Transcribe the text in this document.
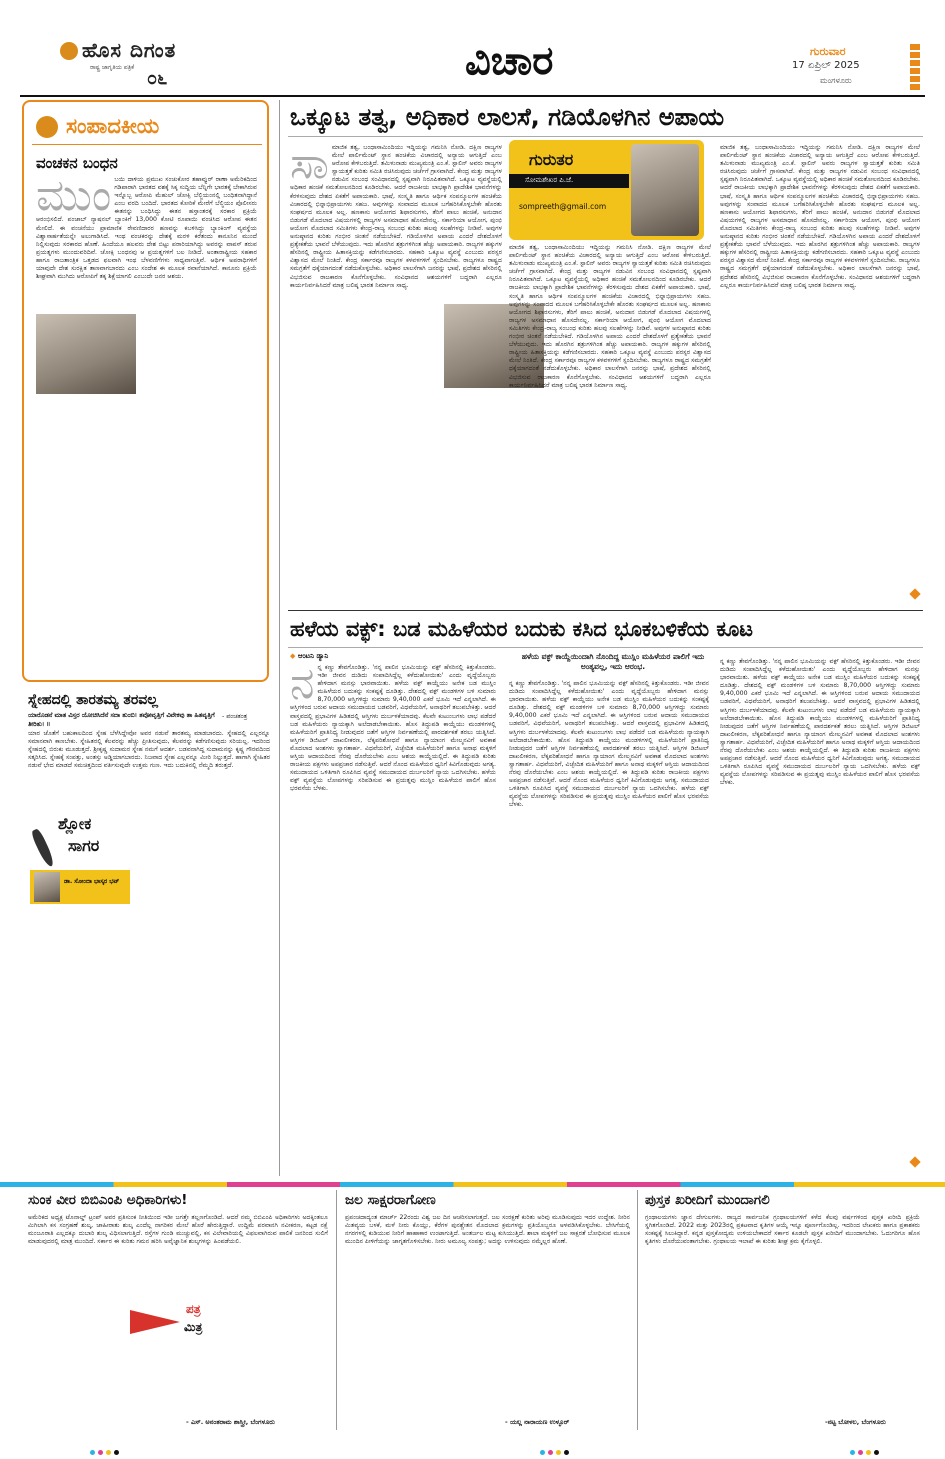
ಹೊಸ ದಿಗಂತ
ರಾಷ್ಟ್ರ ಜಾಗೃತಿಯ ಪತ್ರಿಕೆ
೦೬	ವಿಚಾರ	ಗುರುವಾರ
17 ಏಪ್ರಿಲ್ 2025
ಮಂಗಳೂರು
ಸಂಪಾದಕೀಯ
ವಂಚಕನ ಬಂಧನ
ಮುಂ ಬಯಿ ದಾಳಿಯ ಪ್ರಮುಖ ಸಂಚುಕೋರ ತಹಾವ್ವುರ್ ರಾಣಾ ಅಮೆರಿಕದಿಂದ ಗಡಿಪಾರಾಗಿ ಭಾರತದ ವಶಕ್ಕೆ ಸಿಕ್ಕ ಸುದ್ದಿಯ ಬೆನ್ನಿಗೇ ಭಾರತಕ್ಕೆ ಬೇಕಾಗಿರುವ ಇನ್ನೊಬ್ಬ ಆರೋಪಿ ಮೆಹುಲ್ ಚೋಕ್ಸಿ ಬೆಲ್ಜಿಯಂನಲ್ಲಿ ಬಂಧಿತನಾಗಿದ್ದಾನೆ ಎಂಬ ವರದಿ ಬಂದಿದೆ. ಭಾರತದ ಕೋರಿಕೆ ಮೇರೆಗೆ ಬೆಲ್ಜಿಯಂ ಪೊಲೀಸರು ಈತನನ್ನು ಬಂಧಿಸಿದ್ದು ಈತನ ಹಸ್ತಾಂತರಕ್ಕೆ ಸರಕಾರ ಪ್ರಕ್ರಿಯೆ ಆರಂಭಿಸಲಿದೆ. ಪಂಜಾಬ್ ನ್ಯಾಷನಲ್ ಬ್ಯಾಂಕಿಗೆ 13,000 ಕೋಟಿ ರೂಪಾಯಿ ವಂಚಿಸಿದ ಆರೋಪ ಈತನ ಮೇಲಿದೆ. ಈ ವಂಚನೆಯು ಪ್ರಾಮಾಣಿಕ ಠೇವಣಿದಾರರ ಹಣವನ್ನು ಕಬಳಿಸಿದ್ದು ಬ್ಯಾಂಕಿಂಗ್ ವ್ಯವಸ್ಥೆಯ ವಿಶ್ವಾಸಾರ್ಹತೆಯನ್ನೇ ಅಲುಗಾಡಿಸಿದೆ. ಇಂಥ ವಂಚಕರನ್ನು ದೇಶಕ್ಕೆ ಮರಳಿ ಕರೆತಂದು ಕಾನೂನಿನ ಮುಂದೆ ನಿಲ್ಲಿಸುವುದು ಸರಕಾರದ ಹೊಣೆ. ಹಿಂದೆಯೂ ಹಲವರು ದೇಶ ಬಿಟ್ಟು ಪರಾರಿಯಾಗಿದ್ದು ಅವರನ್ನು ವಾಪಸ್ ತರುವ ಪ್ರಯತ್ನಗಳು ಮುಂದುವರಿದಿವೆ. ಚೋಕ್ಸಿ ಬಂಧನವು ಆ ಪ್ರಯತ್ನಗಳಿಗೆ ಬಲ ನೀಡಿದೆ. ಅಂತಾರಾಷ್ಟ್ರೀಯ ಸಹಕಾರ ಹಾಗೂ ರಾಜತಾಂತ್ರಿಕ ಒತ್ತಡದ ಫಲವಾಗಿ ಇಂಥ ಬೆಳವಣಿಗೆಗಳು ಸಾಧ್ಯವಾಗುತ್ತಿವೆ. ಆರ್ಥಿಕ ಅಪರಾಧಿಗಳಿಗೆ ಯಾವುದೇ ದೇಶ ಸುರಕ್ಷಿತ ತಾಣವಾಗಬಾರದು ಎಂಬ ಸಂದೇಶ ಈ ಮೂಲಕ ರವಾನೆಯಾಗಿದೆ. ಕಾನೂನು ಪ್ರಕ್ರಿಯೆ ಶೀಘ್ರವಾಗಿ ಮುಗಿದು ಆರೋಪಿಗೆ ತಕ್ಕ ಶಿಕ್ಷೆಯಾಗಲಿ ಎಂಬುದೇ ಜನರ ಆಶಯ.
ಸ್ನೇಹದಲ್ಲಿ ತಾರತಮ್ಯ ತರವಲ್ಲ
ಯಾರೊಡನೆ ಮಾತ ವಿಸ್ತರ ಯೋಚಿಸಿದೆನೆ ಸದಾ ತುಂಬಿ। ತವೋವೃತ್ತಿಗೆ ವಿವೇಕವು ತಾ ಹಿತವೃತ್ತಿಗೆ ತೀರಿತು। ॥
- ಪಂಚತಂತ್ರ
ಶ್ಲೋಕ
ಸಾಗರ
ಡಾ. ಸೋಂದಾ ಭಾಸ್ಕರ ಭಟ್
ಯಾರ ಜೊತೆಗೆ ಬಹುಕಾಲದಿಂದ ಸ್ನೇಹ ಬೆಳೆಸಿದ್ದೇವೋ ಅವರ ನಡುವೆ ತಾರತಮ್ಯ ಮಾಡಬಾರದು. ಸ್ನೇಹದಲ್ಲಿ ಎಲ್ಲರನ್ನೂ ಸಮಾನವಾಗಿ ಕಾಣಬೇಕು. ಸ್ನೇಹಿತರಲ್ಲಿ ಕೆಲವರನ್ನು ಹೆಚ್ಚು ಪ್ರೀತಿಸುವುದು, ಕೆಲವರನ್ನು ಕಡೆಗಣಿಸುವುದು ಸರಿಯಲ್ಲ. ಇದರಿಂದ ಸ್ನೇಹದಲ್ಲಿ ಬಿರುಕು ಮೂಡುತ್ತದೆ. ಶ್ರೀಕೃಷ್ಣ ಸುದಾಮರ ಸ್ನೇಹ ನಮಗೆ ಆದರ್ಶ. ಬಡವನಾಗಿದ್ದ ಸುದಾಮನನ್ನು ಕೃಷ್ಣ ಗೌರವದಿಂದ ಸತ್ಕರಿಸಿದ. ಸ್ನೇಹಕ್ಕೆ ಸಂಪತ್ತು, ಅಂತಸ್ತು ಅಡ್ಡಿಯಾಗಬಾರದು. ನಿಜವಾದ ಸ್ನೇಹ ಎಲ್ಲವನ್ನೂ ಮೀರಿ ನಿಲ್ಲುತ್ತದೆ. ಹಾಗಾಗಿ ಸ್ನೇಹಿತರ ನಡುವೆ ಭೇದ ಮಾಡದೆ ಸಮಚಿತ್ತದಿಂದ ವರ್ತಿಸುವುದೇ ಉತ್ತಮ ಗುಣ. ಇದು ಬದುಕಿನಲ್ಲಿ ನೆಮ್ಮದಿ ತರುತ್ತದೆ.
ಒಕ್ಕೂಟ ತತ್ವ, ಅಧಿಕಾರ ಲಾಲಸೆ, ಗಡಿಯೊಳಗಿನ ಅಪಾಯ
ಗುರುತರ
ಸೋಮಶೇಖರ ಪಿ.ಜೆ.
sompreeth@gmail.com
ಸಾ ಮಾಜಿಕ ತತ್ವ, ಬಂಧಾಸಾಮಿಂದಿಯು ಇದ್ದಿಯನ್ನು ಗಮನಿಸಿ ನೋಡಿ. ದಕ್ಷಿಣ ರಾಜ್ಯಗಳ ಮೇಲೆ ಪಾರ್ಲಿಮೆಂಟ್ ಸ್ಥಾನ ಹಂಚಿಕೆಯ ವಿಚಾರದಲ್ಲಿ ಅನ್ಯಾಯ ಆಗುತ್ತಿದೆ ಎಂಬ ಆರೋಪ ಕೇಳಿಬರುತ್ತಿದೆ. ತಮಿಳುನಾಡು ಮುಖ್ಯಮಂತ್ರಿ ಎಂ.ಕೆ. ಸ್ಟಾಲಿನ್ ಅವರು ರಾಜ್ಯಗಳ ಸ್ವಾಯತ್ತತೆ ಕುರಿತು ಸಮಿತಿ ರಚಿಸಿರುವುದು ಚರ್ಚೆಗೆ ಗ್ರಾಸವಾಗಿದೆ. ಕೇಂದ್ರ ಮತ್ತು ರಾಜ್ಯಗಳ ನಡುವಿನ ಸಂಬಂಧ ಸಂವಿಧಾನದಲ್ಲಿ ಸ್ಪಷ್ಟವಾಗಿ ನಿರೂಪಿತವಾಗಿದೆ. ಒಕ್ಕೂಟ ವ್ಯವಸ್ಥೆಯಲ್ಲಿ ಅಧಿಕಾರ ಹಂಚಿಕೆ ಸಮತೋಲನದಿಂದ ಕೂಡಿರಬೇಕು. ಆದರೆ ರಾಜಕೀಯ ಲಾಭಕ್ಕಾಗಿ ಪ್ರಾದೇಶಿಕ ಭಾವನೆಗಳನ್ನು ಕೆರಳಿಸುವುದು ದೇಶದ ಏಕತೆಗೆ ಅಪಾಯಕಾರಿ. ಭಾಷೆ, ಸಂಸ್ಕೃತಿ ಹಾಗೂ ಆರ್ಥಿಕ ಸಂಪನ್ಮೂಲಗಳ ಹಂಚಿಕೆಯ ವಿಚಾರದಲ್ಲಿ ಭಿನ್ನಾಭಿಪ್ರಾಯಗಳು ಸಹಜ. ಅವುಗಳನ್ನು ಸಂವಾದದ ಮೂಲಕ ಬಗೆಹರಿಸಿಕೊಳ್ಳಬೇಕೇ ಹೊರತು ಸಂಘರ್ಷದ ಮೂಲಕ ಅಲ್ಲ. ಹಣಕಾಸು ಆಯೋಗದ ಶಿಫಾರಸುಗಳು, ತೆರಿಗೆ ಪಾಲು ಹಂಚಿಕೆ, ಅನುದಾನ ಬಿಡುಗಡೆ ಮೊದಲಾದ ವಿಷಯಗಳಲ್ಲಿ ರಾಜ್ಯಗಳ ಅಸಮಾಧಾನ ಹೊಸದೇನಲ್ಲ. ಸರ್ಕಾರಿಯಾ ಆಯೋಗ, ಪುಂಛಿ ಆಯೋಗ ಮೊದಲಾದ ಸಮಿತಿಗಳು ಕೇಂದ್ರ-ರಾಜ್ಯ ಸಂಬಂಧ ಕುರಿತು ಹಲವು ಸಲಹೆಗಳನ್ನು ನೀಡಿವೆ. ಅವುಗಳ ಅನುಷ್ಠಾನದ ಕುರಿತು ಗಂಭೀರ ಚಿಂತನೆ ನಡೆಯಬೇಕಿದೆ. ಗಡಿಯೊಳಗಿನ ಅಪಾಯ ಎಂದರೆ ದೇಶದೊಳಗೆ ಪ್ರತ್ಯೇಕತೆಯ ಭಾವನೆ ಬೆಳೆಯುವುದು. ಇದು ಹೊರಗಿನ ಶತ್ರುಗಳಿಗಿಂತ ಹೆಚ್ಚು ಅಪಾಯಕಾರಿ. ರಾಜ್ಯಗಳ ಹಕ್ಕುಗಳ ಹೆಸರಿನಲ್ಲಿ ರಾಷ್ಟ್ರೀಯ ಹಿತಾಸಕ್ತಿಯನ್ನು ಕಡೆಗಣಿಸಬಾರದು. ಸಹಕಾರಿ ಒಕ್ಕೂಟ ವ್ಯವಸ್ಥೆ ಎಂಬುದು ಪರಸ್ಪರ ವಿಶ್ವಾಸದ ಮೇಲೆ ನಿಂತಿದೆ. ಕೇಂದ್ರ ಸರ್ಕಾರವೂ ರಾಜ್ಯಗಳ ಕಳವಳಗಳಿಗೆ ಸ್ಪಂದಿಸಬೇಕು. ರಾಜ್ಯಗಳೂ ರಾಷ್ಟ್ರದ ಸಮಗ್ರತೆಗೆ ಧಕ್ಕೆಯಾಗದಂತೆ ನಡೆದುಕೊಳ್ಳಬೇಕು. ಅಧಿಕಾರ ಲಾಲಸೆಗಾಗಿ ಜನರನ್ನು ಭಾಷೆ, ಪ್ರದೇಶದ ಹೆಸರಿನಲ್ಲಿ ವಿಭಜಿಸುವ ರಾಜಕಾರಣ ಕೊನೆಗೊಳ್ಳಬೇಕು. ಸಂವಿಧಾನದ ಆಶಯಗಳಿಗೆ ಬದ್ಧರಾಗಿ ಎಲ್ಲರೂ ಕಾರ್ಯನಿರ್ವಹಿಸಿದರೆ ಮಾತ್ರ ಬಲಿಷ್ಠ ಭಾರತ ನಿರ್ಮಾಣ ಸಾಧ್ಯ.
ಮಾಜಿಕ ತತ್ವ, ಬಂಧಾಸಾಮಿಂದಿಯು ಇದ್ದಿಯನ್ನು ಗಮನಿಸಿ ನೋಡಿ. ದಕ್ಷಿಣ ರಾಜ್ಯಗಳ ಮೇಲೆ ಪಾರ್ಲಿಮೆಂಟ್ ಸ್ಥಾನ ಹಂಚಿಕೆಯ ವಿಚಾರದಲ್ಲಿ ಅನ್ಯಾಯ ಆಗುತ್ತಿದೆ ಎಂಬ ಆರೋಪ ಕೇಳಿಬರುತ್ತಿದೆ. ತಮಿಳುನಾಡು ಮುಖ್ಯಮಂತ್ರಿ ಎಂ.ಕೆ. ಸ್ಟಾಲಿನ್ ಅವರು ರಾಜ್ಯಗಳ ಸ್ವಾಯತ್ತತೆ ಕುರಿತು ಸಮಿತಿ ರಚಿಸಿರುವುದು ಚರ್ಚೆಗೆ ಗ್ರಾಸವಾಗಿದೆ. ಕೇಂದ್ರ ಮತ್ತು ರಾಜ್ಯಗಳ ನಡುವಿನ ಸಂಬಂಧ ಸಂವಿಧಾನದಲ್ಲಿ ಸ್ಪಷ್ಟವಾಗಿ ನಿರೂಪಿತವಾಗಿದೆ. ಒಕ್ಕೂಟ ವ್ಯವಸ್ಥೆಯಲ್ಲಿ ಅಧಿಕಾರ ಹಂಚಿಕೆ ಸಮತೋಲನದಿಂದ ಕೂಡಿರಬೇಕು. ಆದರೆ ರಾಜಕೀಯ ಲಾಭಕ್ಕಾಗಿ ಪ್ರಾದೇಶಿಕ ಭಾವನೆಗಳನ್ನು ಕೆರಳಿಸುವುದು ದೇಶದ ಏಕತೆಗೆ ಅಪಾಯಕಾರಿ. ಭಾಷೆ, ಸಂಸ್ಕೃತಿ ಹಾಗೂ ಆರ್ಥಿಕ ಸಂಪನ್ಮೂಲಗಳ ಹಂಚಿಕೆಯ ವಿಚಾರದಲ್ಲಿ ಭಿನ್ನಾಭಿಪ್ರಾಯಗಳು ಸಹಜ. ಅವುಗಳನ್ನು ಸಂವಾದದ ಮೂಲಕ ಬಗೆಹರಿಸಿಕೊಳ್ಳಬೇಕೇ ಹೊರತು ಸಂಘರ್ಷದ ಮೂಲಕ ಅಲ್ಲ. ಹಣಕಾಸು ಆಯೋಗದ ಶಿಫಾರಸುಗಳು, ತೆರಿಗೆ ಪಾಲು ಹಂಚಿಕೆ, ಅನುದಾನ ಬಿಡುಗಡೆ ಮೊದಲಾದ ವಿಷಯಗಳಲ್ಲಿ ರಾಜ್ಯಗಳ ಅಸಮಾಧಾನ ಹೊಸದೇನಲ್ಲ. ಸರ್ಕಾರಿಯಾ ಆಯೋಗ, ಪುಂಛಿ ಆಯೋಗ ಮೊದಲಾದ ಸಮಿತಿಗಳು ಕೇಂದ್ರ-ರಾಜ್ಯ ಸಂಬಂಧ ಕುರಿತು ಹಲವು ಸಲಹೆಗಳನ್ನು ನೀಡಿವೆ. ಅವುಗಳ ಅನುಷ್ಠಾನದ ಕುರಿತು ಗಂಭೀರ ಚಿಂತನೆ ನಡೆಯಬೇಕಿದೆ. ಗಡಿಯೊಳಗಿನ ಅಪಾಯ ಎಂದರೆ ದೇಶದೊಳಗೆ ಪ್ರತ್ಯೇಕತೆಯ ಭಾವನೆ ಬೆಳೆಯುವುದು. ಇದು ಹೊರಗಿನ ಶತ್ರುಗಳಿಗಿಂತ ಹೆಚ್ಚು ಅಪಾಯಕಾರಿ. ರಾಜ್ಯಗಳ ಹಕ್ಕುಗಳ ಹೆಸರಿನಲ್ಲಿ ರಾಷ್ಟ್ರೀಯ ಹಿತಾಸಕ್ತಿಯನ್ನು ಕಡೆಗಣಿಸಬಾರದು. ಸಹಕಾರಿ ಒಕ್ಕೂಟ ವ್ಯವಸ್ಥೆ ಎಂಬುದು ಪರಸ್ಪರ ವಿಶ್ವಾಸದ ಮೇಲೆ ನಿಂತಿದೆ. ಕೇಂದ್ರ ಸರ್ಕಾರವೂ ರಾಜ್ಯಗಳ ಕಳವಳಗಳಿಗೆ ಸ್ಪಂದಿಸಬೇಕು. ರಾಜ್ಯಗಳೂ ರಾಷ್ಟ್ರದ ಸಮಗ್ರತೆಗೆ ಧಕ್ಕೆಯಾಗದಂತೆ ನಡೆದುಕೊಳ್ಳಬೇಕು. ಅಧಿಕಾರ ಲಾಲಸೆಗಾಗಿ ಜನರನ್ನು ಭಾಷೆ, ಪ್ರದೇಶದ ಹೆಸರಿನಲ್ಲಿ ವಿಭಜಿಸುವ ರಾಜಕಾರಣ ಕೊನೆಗೊಳ್ಳಬೇಕು. ಸಂವಿಧಾನದ ಆಶಯಗಳಿಗೆ ಬದ್ಧರಾಗಿ ಎಲ್ಲರೂ ಕಾರ್ಯನಿರ್ವಹಿಸಿದರೆ ಮಾತ್ರ ಬಲಿಷ್ಠ ಭಾರತ ನಿರ್ಮಾಣ ಸಾಧ್ಯ.
ಮಾಜಿಕ ತತ್ವ, ಬಂಧಾಸಾಮಿಂದಿಯು ಇದ್ದಿಯನ್ನು ಗಮನಿಸಿ ನೋಡಿ. ದಕ್ಷಿಣ ರಾಜ್ಯಗಳ ಮೇಲೆ ಪಾರ್ಲಿಮೆಂಟ್ ಸ್ಥಾನ ಹಂಚಿಕೆಯ ವಿಚಾರದಲ್ಲಿ ಅನ್ಯಾಯ ಆಗುತ್ತಿದೆ ಎಂಬ ಆರೋಪ ಕೇಳಿಬರುತ್ತಿದೆ. ತಮಿಳುನಾಡು ಮುಖ್ಯಮಂತ್ರಿ ಎಂ.ಕೆ. ಸ್ಟಾಲಿನ್ ಅವರು ರಾಜ್ಯಗಳ ಸ್ವಾಯತ್ತತೆ ಕುರಿತು ಸಮಿತಿ ರಚಿಸಿರುವುದು ಚರ್ಚೆಗೆ ಗ್ರಾಸವಾಗಿದೆ. ಕೇಂದ್ರ ಮತ್ತು ರಾಜ್ಯಗಳ ನಡುವಿನ ಸಂಬಂಧ ಸಂವಿಧಾನದಲ್ಲಿ ಸ್ಪಷ್ಟವಾಗಿ ನಿರೂಪಿತವಾಗಿದೆ. ಒಕ್ಕೂಟ ವ್ಯವಸ್ಥೆಯಲ್ಲಿ ಅಧಿಕಾರ ಹಂಚಿಕೆ ಸಮತೋಲನದಿಂದ ಕೂಡಿರಬೇಕು. ಆದರೆ ರಾಜಕೀಯ ಲಾಭಕ್ಕಾಗಿ ಪ್ರಾದೇಶಿಕ ಭಾವನೆಗಳನ್ನು ಕೆರಳಿಸುವುದು ದೇಶದ ಏಕತೆಗೆ ಅಪಾಯಕಾರಿ. ಭಾಷೆ, ಸಂಸ್ಕೃತಿ ಹಾಗೂ ಆರ್ಥಿಕ ಸಂಪನ್ಮೂಲಗಳ ಹಂಚಿಕೆಯ ವಿಚಾರದಲ್ಲಿ ಭಿನ್ನಾಭಿಪ್ರಾಯಗಳು ಸಹಜ. ಅವುಗಳನ್ನು ಸಂವಾದದ ಮೂಲಕ ಬಗೆಹರಿಸಿಕೊಳ್ಳಬೇಕೇ ಹೊರತು ಸಂಘರ್ಷದ ಮೂಲಕ ಅಲ್ಲ. ಹಣಕಾಸು ಆಯೋಗದ ಶಿಫಾರಸುಗಳು, ತೆರಿಗೆ ಪಾಲು ಹಂಚಿಕೆ, ಅನುದಾನ ಬಿಡುಗಡೆ ಮೊದಲಾದ ವಿಷಯಗಳಲ್ಲಿ ರಾಜ್ಯಗಳ ಅಸಮಾಧಾನ ಹೊಸದೇನಲ್ಲ. ಸರ್ಕಾರಿಯಾ ಆಯೋಗ, ಪುಂಛಿ ಆಯೋಗ ಮೊದಲಾದ ಸಮಿತಿಗಳು ಕೇಂದ್ರ-ರಾಜ್ಯ ಸಂಬಂಧ ಕುರಿತು ಹಲವು ಸಲಹೆಗಳನ್ನು ನೀಡಿವೆ. ಅವುಗಳ ಅನುಷ್ಠಾನದ ಕುರಿತು ಗಂಭೀರ ಚಿಂತನೆ ನಡೆಯಬೇಕಿದೆ. ಗಡಿಯೊಳಗಿನ ಅಪಾಯ ಎಂದರೆ ದೇಶದೊಳಗೆ ಪ್ರತ್ಯೇಕತೆಯ ಭಾವನೆ ಬೆಳೆಯುವುದು. ಇದು ಹೊರಗಿನ ಶತ್ರುಗಳಿಗಿಂತ ಹೆಚ್ಚು ಅಪಾಯಕಾರಿ. ರಾಜ್ಯಗಳ ಹಕ್ಕುಗಳ ಹೆಸರಿನಲ್ಲಿ ರಾಷ್ಟ್ರೀಯ ಹಿತಾಸಕ್ತಿಯನ್ನು ಕಡೆಗಣಿಸಬಾರದು. ಸಹಕಾರಿ ಒಕ್ಕೂಟ ವ್ಯವಸ್ಥೆ ಎಂಬುದು ಪರಸ್ಪರ ವಿಶ್ವಾಸದ ಮೇಲೆ ನಿಂತಿದೆ. ಕೇಂದ್ರ ಸರ್ಕಾರವೂ ರಾಜ್ಯಗಳ ಕಳವಳಗಳಿಗೆ ಸ್ಪಂದಿಸಬೇಕು. ರಾಜ್ಯಗಳೂ ರಾಷ್ಟ್ರದ ಸಮಗ್ರತೆಗೆ ಧಕ್ಕೆಯಾಗದಂತೆ ನಡೆದುಕೊಳ್ಳಬೇಕು. ಅಧಿಕಾರ ಲಾಲಸೆಗಾಗಿ ಜನರನ್ನು ಭಾಷೆ, ಪ್ರದೇಶದ ಹೆಸರಿನಲ್ಲಿ ವಿಭಜಿಸುವ ರಾಜಕಾರಣ ಕೊನೆಗೊಳ್ಳಬೇಕು. ಸಂವಿಧಾನದ ಆಶಯಗಳಿಗೆ ಬದ್ಧರಾಗಿ ಎಲ್ಲರೂ ಕಾರ್ಯನಿರ್ವಹಿಸಿದರೆ ಮಾತ್ರ ಬಲಿಷ್ಠ ಭಾರತ ನಿರ್ಮಾಣ ಸಾಧ್ಯ.
ಹಳೆಯ ವಕ್ಫ್: ಬಡ ಮಹಿಳೆಯರ ಬದುಕು ಕಸಿದ ಭೂಕಬಳಿಕೆಯ ಕೂಟ
◆ ಆಂಟನಿ ಡ್ಯಾನಿ	ಹಳೆಯ ವಕ್ಫ್ ಕಾಯ್ದೆಯಿಂದಾಗಿ ನೊಂದಿದ್ದ ಮುಸ್ಲಿಂ ಮಹಿಳೆಯರ ಪಾಲಿಗೆ ಇದು ಅಂತ್ಯವಲ್ಲ, ಇದು ಆರಂಭ.
ನ ನ್ನ ಕಣ್ಣು ತೇವಗೊಂಡಿತ್ತು. 'ನನ್ನ ಪಾಲಿನ ಭೂಮಿಯನ್ನು ವಕ್ಫ್ ಹೆಸರಿನಲ್ಲಿ ಕಿತ್ತುಕೊಂಡರು. ಇಡೀ ಜೀವನ ದುಡಿದು ಸಂಪಾದಿಸಿದ್ದೆಲ್ಲ ಕಳೆದುಹೋಯಿತು' ಎಂದು ವೃದ್ಧೆಯೊಬ್ಬರು ಹೇಳಿದಾಗ ಮನಸ್ಸು ಭಾರವಾಯಿತು. ಹಳೆಯ ವಕ್ಫ್ ಕಾಯ್ದೆಯು ಅನೇಕ ಬಡ ಮುಸ್ಲಿಂ ಮಹಿಳೆಯರ ಬದುಕನ್ನು ಸಂಕಷ್ಟಕ್ಕೆ ದೂಡಿತ್ತು. ದೇಶದಲ್ಲಿ ವಕ್ಫ್ ಮಂಡಳಿಗಳ ಬಳಿ ಸುಮಾರು 8,70,000 ಆಸ್ತಿಗಳಿದ್ದು ಸುಮಾರು 9,40,000 ಎಕರೆ ಭೂಮಿ ಇದೆ ಎನ್ನಲಾಗಿದೆ. ಈ ಆಸ್ತಿಗಳಿಂದ ಬರುವ ಆದಾಯ ಸಮುದಾಯದ ಬಡವರಿಗೆ, ವಿಧವೆಯರಿಗೆ, ಅನಾಥರಿಗೆ ತಲುಪಬೇಕಿತ್ತು. ಆದರೆ ವಾಸ್ತವದಲ್ಲಿ ಪ್ರಭಾವಿಗಳ ಹಿಡಿತದಲ್ಲಿ ಆಸ್ತಿಗಳು ದುರ್ಬಳಕೆಯಾದವು. ಕೆಲವೇ ಕುಟುಂಬಗಳು ಲಾಭ ಪಡೆದರೆ ಬಡ ಮಹಿಳೆಯರು ನ್ಯಾಯಕ್ಕಾಗಿ ಅಲೆದಾಡಬೇಕಾಯಿತು. ಹೊಸ ತಿದ್ದುಪಡಿ ಕಾಯ್ದೆಯು ಮಂಡಳಿಗಳಲ್ಲಿ ಮಹಿಳೆಯರಿಗೆ ಪ್ರಾತಿನಿಧ್ಯ ನೀಡುವುದರ ಜತೆಗೆ ಆಸ್ತಿಗಳ ನಿರ್ವಹಣೆಯಲ್ಲಿ ಪಾರದರ್ಶಕತೆ ತರಲು ಯತ್ನಿಸಿದೆ. ಆಸ್ತಿಗಳ ಡಿಜಿಟಲ್ ದಾಖಲೀಕರಣ, ಲೆಕ್ಕಪರಿಶೋಧನೆ ಹಾಗೂ ನ್ಯಾಯಾಂಗ ಮೇಲ್ಮನವಿಗೆ ಅವಕಾಶ ಮೊದಲಾದ ಅಂಶಗಳು ಸ್ವಾಗತಾರ್ಹ. ವಿಧವೆಯರಿಗೆ, ವಿಚ್ಛೇದಿತ ಮಹಿಳೆಯರಿಗೆ ಹಾಗೂ ಅನಾಥ ಮಕ್ಕಳಿಗೆ ಆಸ್ತಿಯ ಆದಾಯದಿಂದ ನೆರವು ದೊರೆಯಬೇಕು ಎಂಬ ಆಶಯ ಕಾಯ್ದೆಯಲ್ಲಿದೆ. ಈ ತಿದ್ದುಪಡಿ ಕುರಿತು ರಾಜಕೀಯ ಪಕ್ಷಗಳು ಅಪಪ್ರಚಾರ ನಡೆಸುತ್ತಿವೆ. ಆದರೆ ನೊಂದ ಮಹಿಳೆಯರ ಧ್ವನಿಗೆ ಕಿವಿಗೊಡುವುದು ಅಗತ್ಯ. ಸಮುದಾಯದ ಒಳಿತಿಗಾಗಿ ರೂಪಿಸಿದ ವ್ಯವಸ್ಥೆ ಸಮುದಾಯದ ದುರ್ಬಲರಿಗೆ ನ್ಯಾಯ ಒದಗಿಸಬೇಕು. ಹಳೆಯ ವಕ್ಫ್ ವ್ಯವಸ್ಥೆಯ ಲೋಪಗಳನ್ನು ಸರಿಪಡಿಸುವ ಈ ಪ್ರಯತ್ನವು ಮುಸ್ಲಿಂ ಮಹಿಳೆಯರ ಪಾಲಿಗೆ ಹೊಸ ಭರವಸೆಯ ಬೆಳಕು.
ನ್ನ ಕಣ್ಣು ತೇವಗೊಂಡಿತ್ತು. 'ನನ್ನ ಪಾಲಿನ ಭೂಮಿಯನ್ನು ವಕ್ಫ್ ಹೆಸರಿನಲ್ಲಿ ಕಿತ್ತುಕೊಂಡರು. ಇಡೀ ಜೀವನ ದುಡಿದು ಸಂಪಾದಿಸಿದ್ದೆಲ್ಲ ಕಳೆದುಹೋಯಿತು' ಎಂದು ವೃದ್ಧೆಯೊಬ್ಬರು ಹೇಳಿದಾಗ ಮನಸ್ಸು ಭಾರವಾಯಿತು. ಹಳೆಯ ವಕ್ಫ್ ಕಾಯ್ದೆಯು ಅನೇಕ ಬಡ ಮುಸ್ಲಿಂ ಮಹಿಳೆಯರ ಬದುಕನ್ನು ಸಂಕಷ್ಟಕ್ಕೆ ದೂಡಿತ್ತು. ದೇಶದಲ್ಲಿ ವಕ್ಫ್ ಮಂಡಳಿಗಳ ಬಳಿ ಸುಮಾರು 8,70,000 ಆಸ್ತಿಗಳಿದ್ದು ಸುಮಾರು 9,40,000 ಎಕರೆ ಭೂಮಿ ಇದೆ ಎನ್ನಲಾಗಿದೆ. ಈ ಆಸ್ತಿಗಳಿಂದ ಬರುವ ಆದಾಯ ಸಮುದಾಯದ ಬಡವರಿಗೆ, ವಿಧವೆಯರಿಗೆ, ಅನಾಥರಿಗೆ ತಲುಪಬೇಕಿತ್ತು. ಆದರೆ ವಾಸ್ತವದಲ್ಲಿ ಪ್ರಭಾವಿಗಳ ಹಿಡಿತದಲ್ಲಿ ಆಸ್ತಿಗಳು ದುರ್ಬಳಕೆಯಾದವು. ಕೆಲವೇ ಕುಟುಂಬಗಳು ಲಾಭ ಪಡೆದರೆ ಬಡ ಮಹಿಳೆಯರು ನ್ಯಾಯಕ್ಕಾಗಿ ಅಲೆದಾಡಬೇಕಾಯಿತು. ಹೊಸ ತಿದ್ದುಪಡಿ ಕಾಯ್ದೆಯು ಮಂಡಳಿಗಳಲ್ಲಿ ಮಹಿಳೆಯರಿಗೆ ಪ್ರಾತಿನಿಧ್ಯ ನೀಡುವುದರ ಜತೆಗೆ ಆಸ್ತಿಗಳ ನಿರ್ವಹಣೆಯಲ್ಲಿ ಪಾರದರ್ಶಕತೆ ತರಲು ಯತ್ನಿಸಿದೆ. ಆಸ್ತಿಗಳ ಡಿಜಿಟಲ್ ದಾಖಲೀಕರಣ, ಲೆಕ್ಕಪರಿಶೋಧನೆ ಹಾಗೂ ನ್ಯಾಯಾಂಗ ಮೇಲ್ಮನವಿಗೆ ಅವಕಾಶ ಮೊದಲಾದ ಅಂಶಗಳು ಸ್ವಾಗತಾರ್ಹ. ವಿಧವೆಯರಿಗೆ, ವಿಚ್ಛೇದಿತ ಮಹಿಳೆಯರಿಗೆ ಹಾಗೂ ಅನಾಥ ಮಕ್ಕಳಿಗೆ ಆಸ್ತಿಯ ಆದಾಯದಿಂದ ನೆರವು ದೊರೆಯಬೇಕು ಎಂಬ ಆಶಯ ಕಾಯ್ದೆಯಲ್ಲಿದೆ. ಈ ತಿದ್ದುಪಡಿ ಕುರಿತು ರಾಜಕೀಯ ಪಕ್ಷಗಳು ಅಪಪ್ರಚಾರ ನಡೆಸುತ್ತಿವೆ. ಆದರೆ ನೊಂದ ಮಹಿಳೆಯರ ಧ್ವನಿಗೆ ಕಿವಿಗೊಡುವುದು ಅಗತ್ಯ. ಸಮುದಾಯದ ಒಳಿತಿಗಾಗಿ ರೂಪಿಸಿದ ವ್ಯವಸ್ಥೆ ಸಮುದಾಯದ ದುರ್ಬಲರಿಗೆ ನ್ಯಾಯ ಒದಗಿಸಬೇಕು. ಹಳೆಯ ವಕ್ಫ್ ವ್ಯವಸ್ಥೆಯ ಲೋಪಗಳನ್ನು ಸರಿಪಡಿಸುವ ಈ ಪ್ರಯತ್ನವು ಮುಸ್ಲಿಂ ಮಹಿಳೆಯರ ಪಾಲಿಗೆ ಹೊಸ ಭರವಸೆಯ ಬೆಳಕು.
ನ್ನ ಕಣ್ಣು ತೇವಗೊಂಡಿತ್ತು. 'ನನ್ನ ಪಾಲಿನ ಭೂಮಿಯನ್ನು ವಕ್ಫ್ ಹೆಸರಿನಲ್ಲಿ ಕಿತ್ತುಕೊಂಡರು. ಇಡೀ ಜೀವನ ದುಡಿದು ಸಂಪಾದಿಸಿದ್ದೆಲ್ಲ ಕಳೆದುಹೋಯಿತು' ಎಂದು ವೃದ್ಧೆಯೊಬ್ಬರು ಹೇಳಿದಾಗ ಮನಸ್ಸು ಭಾರವಾಯಿತು. ಹಳೆಯ ವಕ್ಫ್ ಕಾಯ್ದೆಯು ಅನೇಕ ಬಡ ಮುಸ್ಲಿಂ ಮಹಿಳೆಯರ ಬದುಕನ್ನು ಸಂಕಷ್ಟಕ್ಕೆ ದೂಡಿತ್ತು. ದೇಶದಲ್ಲಿ ವಕ್ಫ್ ಮಂಡಳಿಗಳ ಬಳಿ ಸುಮಾರು 8,70,000 ಆಸ್ತಿಗಳಿದ್ದು ಸುಮಾರು 9,40,000 ಎಕರೆ ಭೂಮಿ ಇದೆ ಎನ್ನಲಾಗಿದೆ. ಈ ಆಸ್ತಿಗಳಿಂದ ಬರುವ ಆದಾಯ ಸಮುದಾಯದ ಬಡವರಿಗೆ, ವಿಧವೆಯರಿಗೆ, ಅನಾಥರಿಗೆ ತಲುಪಬೇಕಿತ್ತು. ಆದರೆ ವಾಸ್ತವದಲ್ಲಿ ಪ್ರಭಾವಿಗಳ ಹಿಡಿತದಲ್ಲಿ ಆಸ್ತಿಗಳು ದುರ್ಬಳಕೆಯಾದವು. ಕೆಲವೇ ಕುಟುಂಬಗಳು ಲಾಭ ಪಡೆದರೆ ಬಡ ಮಹಿಳೆಯರು ನ್ಯಾಯಕ್ಕಾಗಿ ಅಲೆದಾಡಬೇಕಾಯಿತು. ಹೊಸ ತಿದ್ದುಪಡಿ ಕಾಯ್ದೆಯು ಮಂಡಳಿಗಳಲ್ಲಿ ಮಹಿಳೆಯರಿಗೆ ಪ್ರಾತಿನಿಧ್ಯ ನೀಡುವುದರ ಜತೆಗೆ ಆಸ್ತಿಗಳ ನಿರ್ವಹಣೆಯಲ್ಲಿ ಪಾರದರ್ಶಕತೆ ತರಲು ಯತ್ನಿಸಿದೆ. ಆಸ್ತಿಗಳ ಡಿಜಿಟಲ್ ದಾಖಲೀಕರಣ, ಲೆಕ್ಕಪರಿಶೋಧನೆ ಹಾಗೂ ನ್ಯಾಯಾಂಗ ಮೇಲ್ಮನವಿಗೆ ಅವಕಾಶ ಮೊದಲಾದ ಅಂಶಗಳು ಸ್ವಾಗತಾರ್ಹ. ವಿಧವೆಯರಿಗೆ, ವಿಚ್ಛೇದಿತ ಮಹಿಳೆಯರಿಗೆ ಹಾಗೂ ಅನಾಥ ಮಕ್ಕಳಿಗೆ ಆಸ್ತಿಯ ಆದಾಯದಿಂದ ನೆರವು ದೊರೆಯಬೇಕು ಎಂಬ ಆಶಯ ಕಾಯ್ದೆಯಲ್ಲಿದೆ. ಈ ತಿದ್ದುಪಡಿ ಕುರಿತು ರಾಜಕೀಯ ಪಕ್ಷಗಳು ಅಪಪ್ರಚಾರ ನಡೆಸುತ್ತಿವೆ. ಆದರೆ ನೊಂದ ಮಹಿಳೆಯರ ಧ್ವನಿಗೆ ಕಿವಿಗೊಡುವುದು ಅಗತ್ಯ. ಸಮುದಾಯದ ಒಳಿತಿಗಾಗಿ ರೂಪಿಸಿದ ವ್ಯವಸ್ಥೆ ಸಮುದಾಯದ ದುರ್ಬಲರಿಗೆ ನ್ಯಾಯ ಒದಗಿಸಬೇಕು. ಹಳೆಯ ವಕ್ಫ್ ವ್ಯವಸ್ಥೆಯ ಲೋಪಗಳನ್ನು ಸರಿಪಡಿಸುವ ಈ ಪ್ರಯತ್ನವು ಮುಸ್ಲಿಂ ಮಹಿಳೆಯರ ಪಾಲಿಗೆ ಹೊಸ ಭರವಸೆಯ ಬೆಳಕು.
ಸುಂಕ ವೀರ ಬಿಬಿಎಂಪಿ ಅಧಿಕಾರಿಗಳು!
ಅಮೆರಿಕದ ಅಧ್ಯಕ್ಷ ಟೊನಾಲ್ಡ್ ಟ್ರಂಪ್ ಅವರ ಪ್ರತಿಸುಂಕ ನೀತಿಯಿಂದ ಇಡೀ ಜಗತ್ತೇ ತಲ್ಲಣಗೊಂಡಿದೆ. ಆದರೆ ನಮ್ಮ ಬಿಬಿಎಂಪಿ ಅಧಿಕಾರಿಗಳು ಅದಕ್ಕಿಂತಲೂ ಮಿಗಿಲಾಗಿ ಕಸ ಸಂಗ್ರಹಣೆ ಶುಲ್ಕ, ಜಾಹೀರಾತು ಶುಲ್ಕ ಎಂದೆಲ್ಲ ನಾಗರಿಕರ ಮೇಲೆ ಹೊರೆ ಹೇರುತ್ತಿದ್ದಾರೆ. ಉದ್ದಿಮೆ ಪರವಾನಗಿ ನವೀಕರಣ, ಕಟ್ಟಡ ನಕ್ಷೆ ಮಂಜೂರಾತಿ ಎಲ್ಲದಕ್ಕೂ ದುಬಾರಿ ಶುಲ್ಕ ವಿಧಿಸಲಾಗುತ್ತಿದೆ. ರಸ್ತೆಗಳ ಗುಂಡಿ ಮುಚ್ಚುವಲ್ಲಿ, ಕಸ ವಿಲೇವಾರಿಯಲ್ಲಿ ವಿಫಲವಾಗಿರುವ ಪಾಲಿಕೆ ಜನರಿಂದ ಸುಲಿಗೆ ಮಾಡುವುದರಲ್ಲಿ ಮಾತ್ರ ಮುಂದಿದೆ. ಸರ್ಕಾರ ಈ ಕುರಿತು ಗಮನ ಹರಿಸಿ ಅವೈಜ್ಞಾನಿಕ ಶುಲ್ಕಗಳನ್ನು ಹಿಂಪಡೆಯಲಿ.
ಪತ್ರ
ಮಿತ್ರ
- ಎಸ್. ಅನಂತರಾಮ ಶಾಸ್ತ್ರೀ, ಬೆಂಗಳೂರು
ಜಲ ಸಾಕ್ಷರರಾಗೋಣ
ಪ್ರಪಂಚದಾದ್ಯಂತ ಮಾರ್ಚ್ 22ರಂದು ವಿಶ್ವ ಜಲ ದಿನ ಆಚರಿಸಲಾಗುತ್ತದೆ. ಜಲ ಸಂರಕ್ಷಣೆ ಕುರಿತು ಅರಿವು ಮೂಡಿಸುವುದು ಇದರ ಉದ್ದೇಶ. ನೀರಿನ ಮಿತವ್ಯಯ ಬಳಕೆ, ಮಳೆ ನೀರು ಕೊಯ್ಲು, ಕೆರೆಗಳ ಪುನಶ್ಚೇತನ ಮೊದಲಾದ ಕ್ರಮಗಳನ್ನು ಪ್ರತಿಯೊಬ್ಬರೂ ಅಳವಡಿಸಿಕೊಳ್ಳಬೇಕು. ಬೇಸಿಗೆಯಲ್ಲಿ ನಗರಗಳಲ್ಲಿ ಕುಡಿಯುವ ನೀರಿಗೆ ಹಾಹಾಕಾರ ಉಂಟಾಗುತ್ತಿದೆ. ಅಂತರ್ಜಲ ಮಟ್ಟ ಕುಸಿಯುತ್ತಿದೆ. ಶಾಲಾ ಮಕ್ಕಳಿಗೆ ಜಲ ಸಾಕ್ಷರತೆ ಬೋಧಿಸುವ ಮೂಲಕ ಮುಂದಿನ ಪೀಳಿಗೆಯನ್ನು ಜಾಗೃತಗೊಳಿಸಬೇಕು. ನೀರು ಅಮೂಲ್ಯ ಸಂಪತ್ತು; ಅದನ್ನು ಉಳಿಸುವುದು ನಮ್ಮೆಲ್ಲರ ಹೊಣೆ.
- ಯಲ್ಲ ನಾರಾಯಣ ಉಳ್ಳೂರ್
ಪುಸ್ತಕ ಖರೀದಿಗೆ ಮುಂದಾಗಲಿ
ಗ್ರಂಥಾಲಯಗಳು ಜ್ಞಾನ ದೇಗುಲಗಳು. ರಾಜ್ಯದ ಸಾರ್ವಜನಿಕ ಗ್ರಂಥಾಲಯಗಳಿಗೆ ಕಳೆದ ಕೆಲವು ವರ್ಷಗಳಿಂದ ಪುಸ್ತಕ ಖರೀದಿ ಪ್ರಕ್ರಿಯೆ ಸ್ಥಗಿತಗೊಂಡಿದೆ. 2022 ಮತ್ತು 2023ರಲ್ಲಿ ಪ್ರಕಟವಾದ ಕೃತಿಗಳ ಆಯ್ಕೆ ಇನ್ನೂ ಪೂರ್ಣಗೊಂಡಿಲ್ಲ. ಇದರಿಂದ ಲೇಖಕರು ಹಾಗೂ ಪ್ರಕಾಶಕರು ಸಂಕಷ್ಟಕ್ಕೆ ಸಿಲುಕಿದ್ದಾರೆ. ಕನ್ನಡ ಪುಸ್ತಕೋದ್ಯಮ ಉಳಿಯಬೇಕಾದರೆ ಸರ್ಕಾರ ಕೂಡಲೇ ಪುಸ್ತಕ ಖರೀದಿಗೆ ಮುಂದಾಗಬೇಕು. ಓದುಗರಿಗೂ ಹೊಸ ಕೃತಿಗಳು ದೊರೆಯುವಂತಾಗಬೇಕು. ಗ್ರಂಥಾಲಯ ಇಲಾಖೆ ಈ ಕುರಿತು ಶೀಘ್ರ ಕ್ರಮ ಕೈಗೊಳ್ಳಲಿ.
-ನಟ್ಟ ಬೋಳಲ, ಬೆಂಗಳೂರು
